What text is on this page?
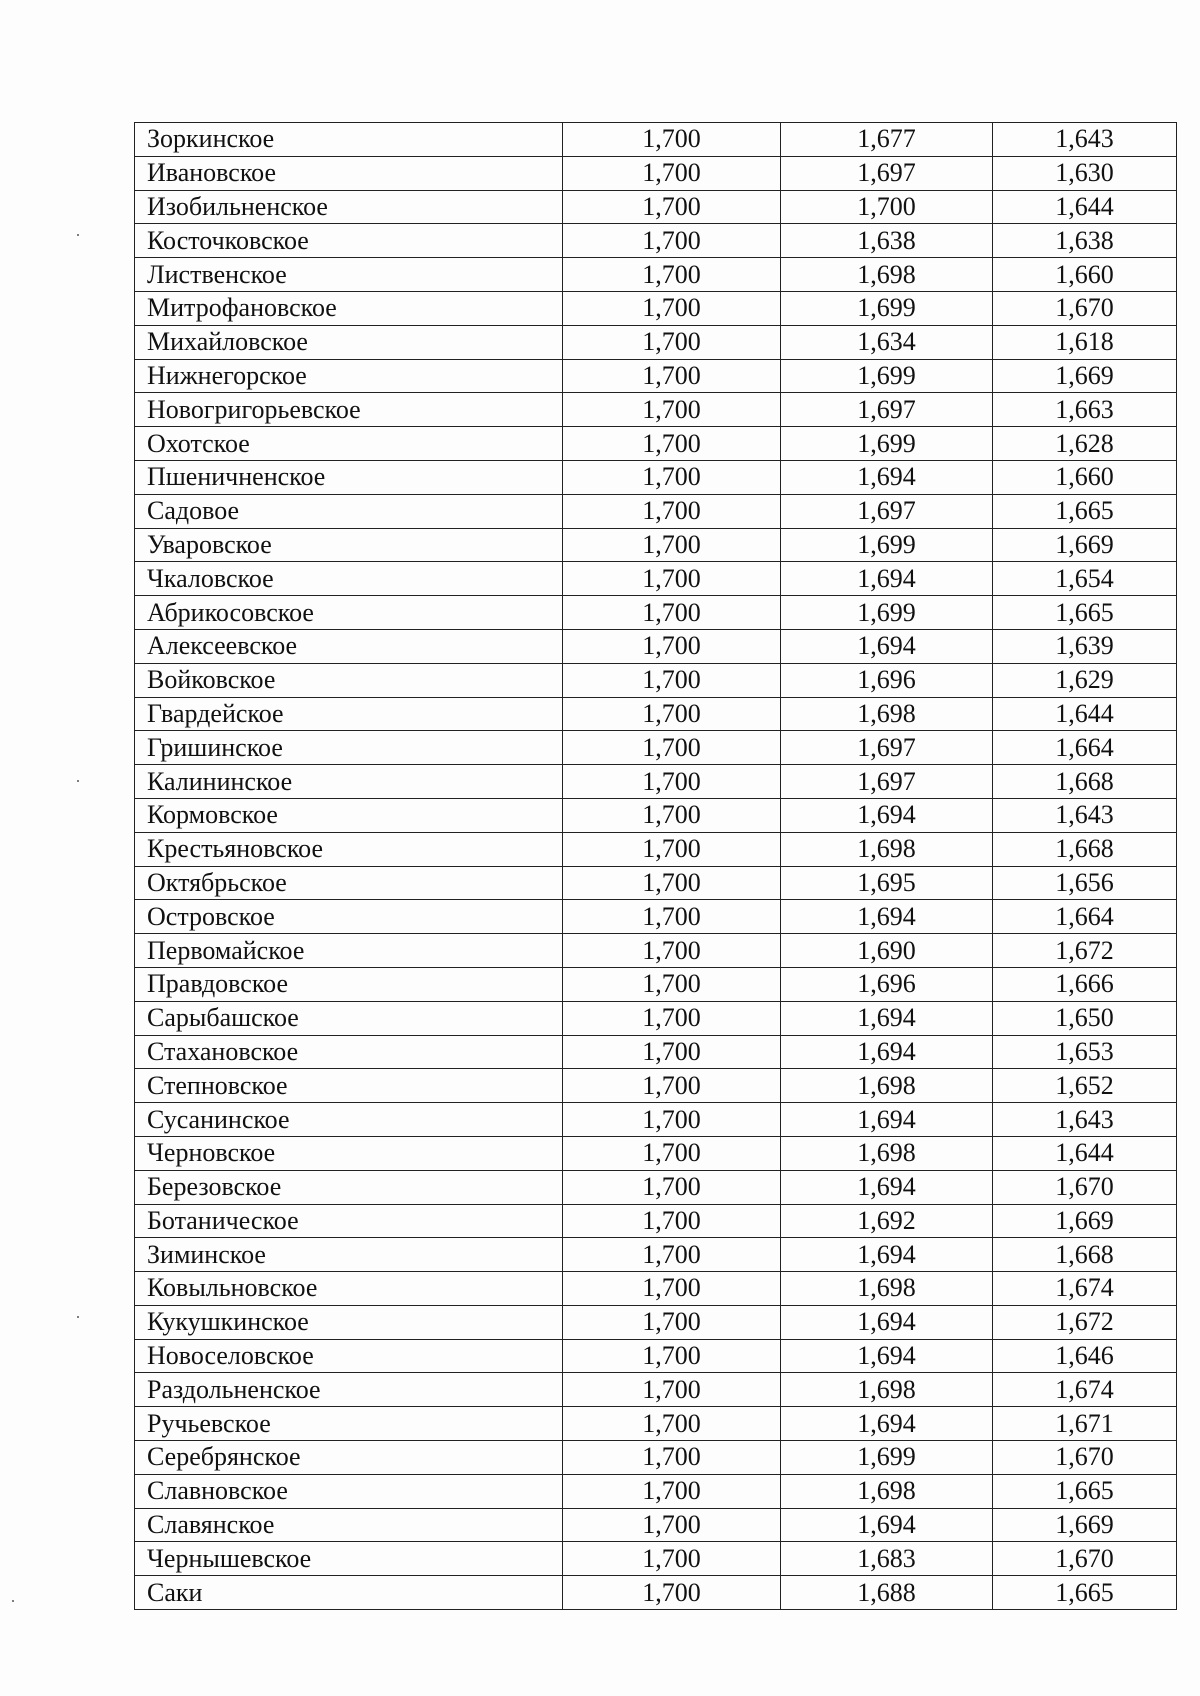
Зоркинское	1,700	1,677	1,643
Ивановское	1,700	1,697	1,630
Изобильненское	1,700	1,700	1,644
Косточковское	1,700	1,638	1,638
Лиственское	1,700	1,698	1,660
Митрофановское	1,700	1,699	1,670
Михайловское	1,700	1,634	1,618
Нижнегорское	1,700	1,699	1,669
Новогригорьевское	1,700	1,697	1,663
Охотское	1,700	1,699	1,628
Пшеничненское	1,700	1,694	1,660
Садовое	1,700	1,697	1,665
Уваровское	1,700	1,699	1,669
Чкаловское	1,700	1,694	1,654
Абрикосовское	1,700	1,699	1,665
Алексеевское	1,700	1,694	1,639
Войковское	1,700	1,696	1,629
Гвардейское	1,700	1,698	1,644
Гришинское	1,700	1,697	1,664
Калининское	1,700	1,697	1,668
Кормовское	1,700	1,694	1,643
Крестьяновское	1,700	1,698	1,668
Октябрьское	1,700	1,695	1,656
Островское	1,700	1,694	1,664
Первомайское	1,700	1,690	1,672
Правдовское	1,700	1,696	1,666
Сарыбашское	1,700	1,694	1,650
Стахановское	1,700	1,694	1,653
Степновское	1,700	1,698	1,652
Сусанинское	1,700	1,694	1,643
Черновское	1,700	1,698	1,644
Березовское	1,700	1,694	1,670
Ботаническое	1,700	1,692	1,669
Зиминское	1,700	1,694	1,668
Ковыльновское	1,700	1,698	1,674
Кукушкинское	1,700	1,694	1,672
Новоселовское	1,700	1,694	1,646
Раздольненское	1,700	1,698	1,674
Ручьевское	1,700	1,694	1,671
Серебрянское	1,700	1,699	1,670
Славновское	1,700	1,698	1,665
Славянское	1,700	1,694	1,669
Чернышевское	1,700	1,683	1,670
Саки	1,700	1,688	1,665
